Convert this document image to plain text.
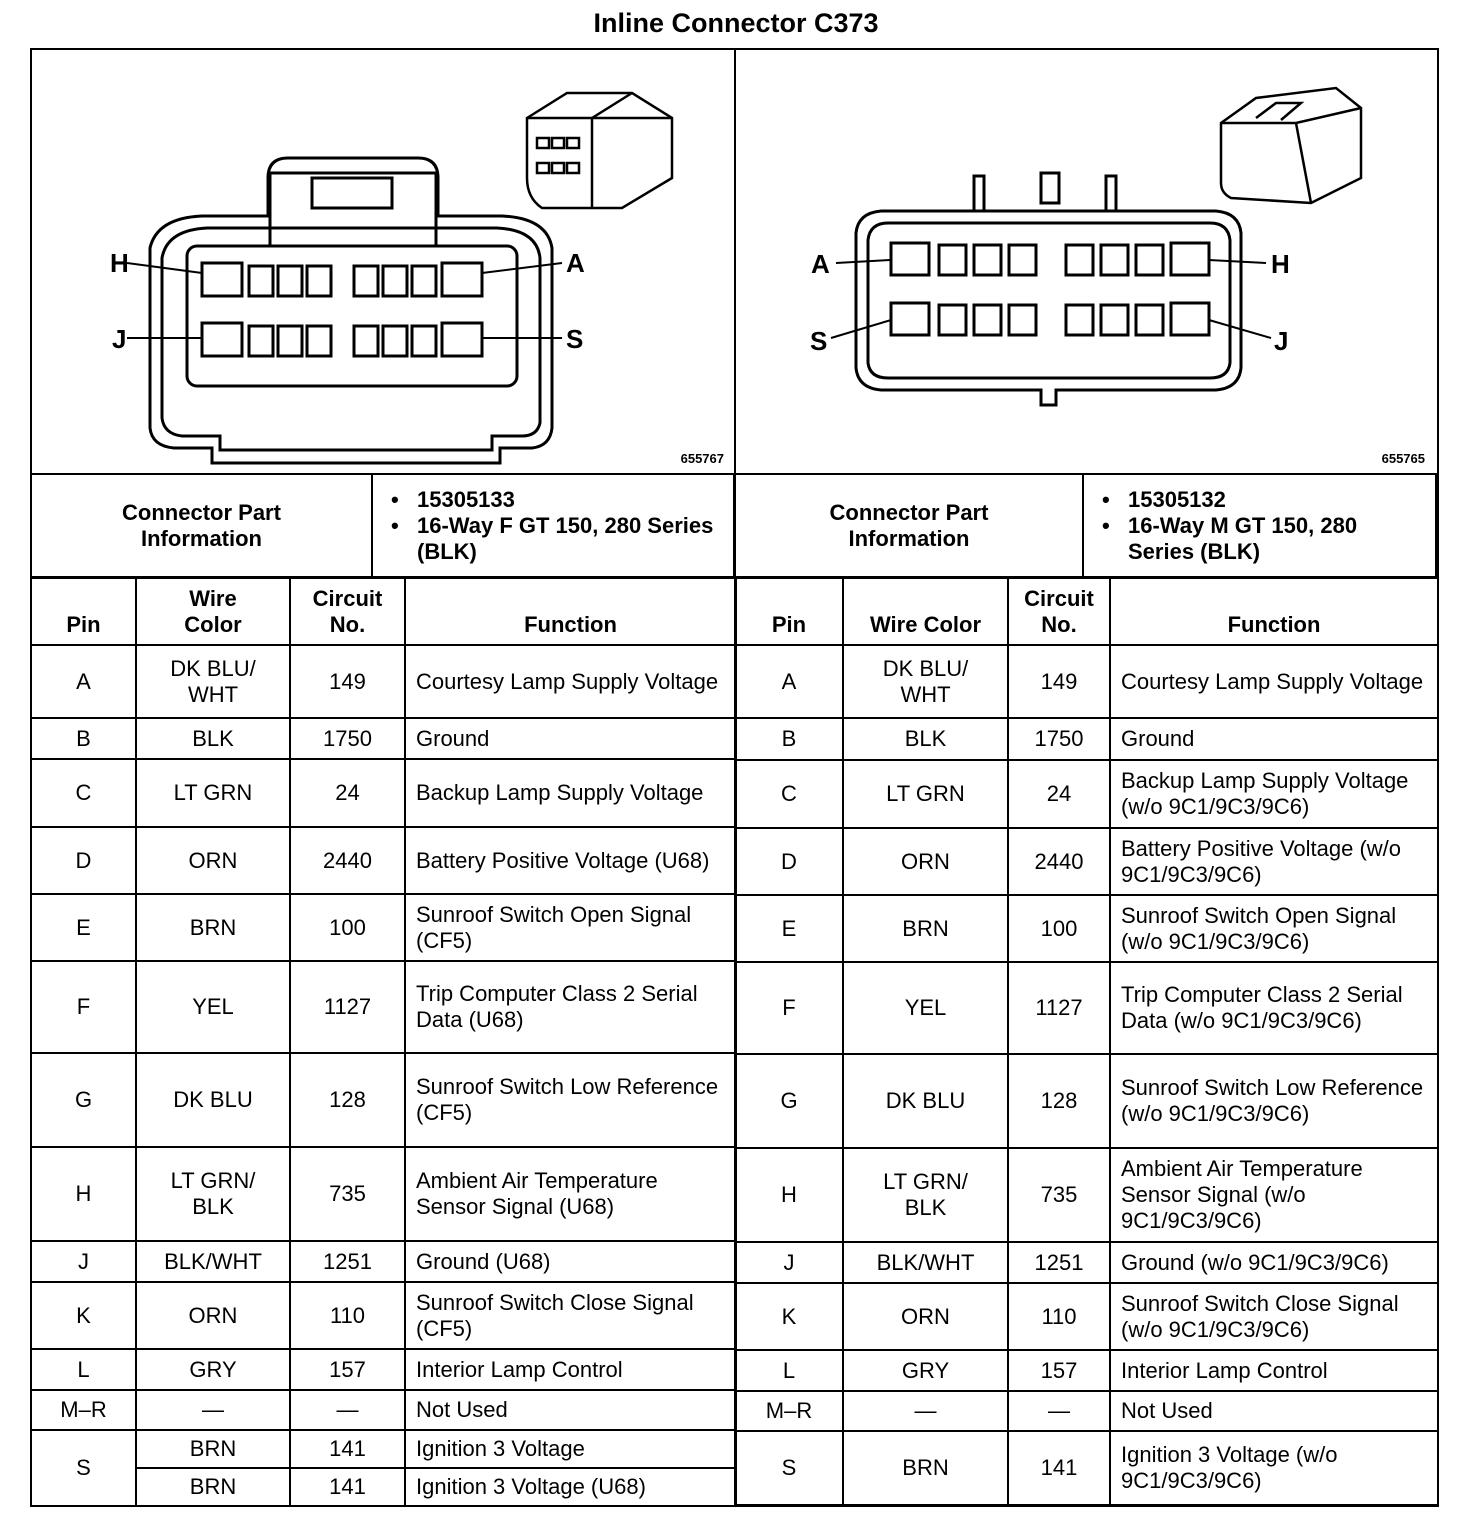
Inline Connector C373
H	A
J	S
655767
A	H
S	J
655765
Connector Part Information	
• 15305133
• 16-Way F GT 150, 280 Series (BLK)
Pin	Wire Color	Circuit No.	Function
A	DK BLU/ WHT	149	Courtesy Lamp Supply Voltage
B	BLK	1750	Ground
C	LT GRN	24	Backup Lamp Supply Voltage
D	ORN	2440	Battery Positive Voltage (U68)
E	BRN	100	Sunroof Switch Open Signal (CF5)
F	YEL	1127	Trip Computer Class 2 Serial Data (U68)
G	DK BLU	128	Sunroof Switch Low Reference (CF5)
H	LT GRN/ BLK	735	Ambient Air Temperature Sensor Signal (U68)
J	BLK/WHT	1251	Ground (U68)
K	ORN	110	Sunroof Switch Close Signal (CF5)
L	GRY	157	Interior Lamp Control
M–R	—	—	Not Used
S	BRN	141	Ignition 3 Voltage
	BRN	141	Ignition 3 Voltage (U68)
Connector Part Information	
• 15305132
• 16-Way M GT 150, 280 Series (BLK)
Pin	Wire Color	Circuit No.	Function
A	DK BLU/ WHT	149	Courtesy Lamp Supply Voltage
B	BLK	1750	Ground
C	LT GRN	24	Backup Lamp Supply Voltage (w/o 9C1/9C3/9C6)
D	ORN	2440	Battery Positive Voltage (w/o 9C1/9C3/9C6)
E	BRN	100	Sunroof Switch Open Signal (w/o 9C1/9C3/9C6)
F	YEL	1127	Trip Computer Class 2 Serial Data (w/o 9C1/9C3/9C6)
G	DK BLU	128	Sunroof Switch Low Reference (w/o 9C1/9C3/9C6)
H	LT GRN/ BLK	735	Ambient Air Temperature Sensor Signal (w/o 9C1/9C3/9C6)
J	BLK/WHT	1251	Ground (w/o 9C1/9C3/9C6)
K	ORN	110	Sunroof Switch Close Signal (w/o 9C1/9C3/9C6)
L	GRY	157	Interior Lamp Control
M–R	—	—	Not Used
S	BRN	141	Ignition 3 Voltage (w/o 9C1/9C3/9C6)
